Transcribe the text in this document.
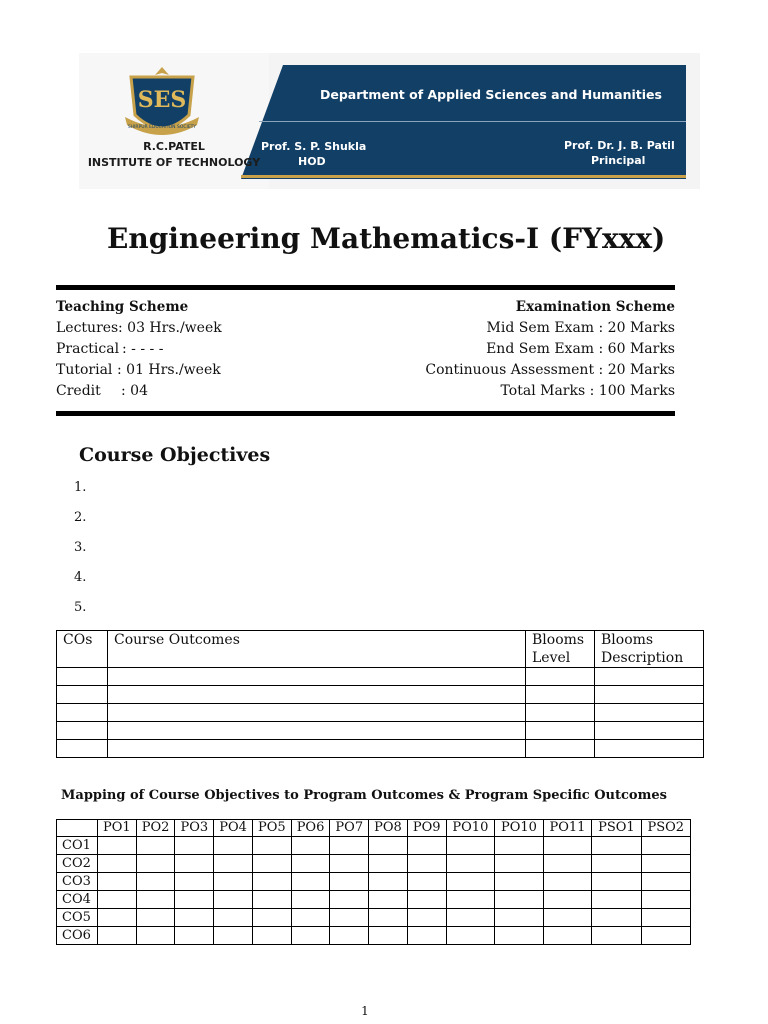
SES
SHIRPUR EDUCATION SOCIETY
R.C.PATEL
INSTITUTE OF TECHNOLOGY
Department of Applied Sciences and Humanities
Prof. S. P. Shukla
HOD
Prof. Dr. J. B. Patil
Principal
Engineering Mathematics-I (FYxxx)
Teaching Scheme
Lectures: 03 Hrs./week
Practical : - - - -
Tutorial : 01 Hrs./week
Credit : 04
Examination Scheme
Mid Sem Exam : 20 Marks
End Sem Exam : 60 Marks
Continuous Assessment : 20 Marks
Total Marks : 100 Marks
Course Objectives
1.
2.
3.
4.
5.
COs	Course Outcomes	Blooms Level	Blooms Description

Mapping of Course Objectives to Program Outcomes & Program Specific Outcomes
	PO1	PO2	PO3	PO4	PO5	PO6	PO7	PO8	PO9	PO10	PO10	PO11	PSO1	PSO2
CO1														
CO2														
CO3														
CO4														
CO5														
CO6														
1
